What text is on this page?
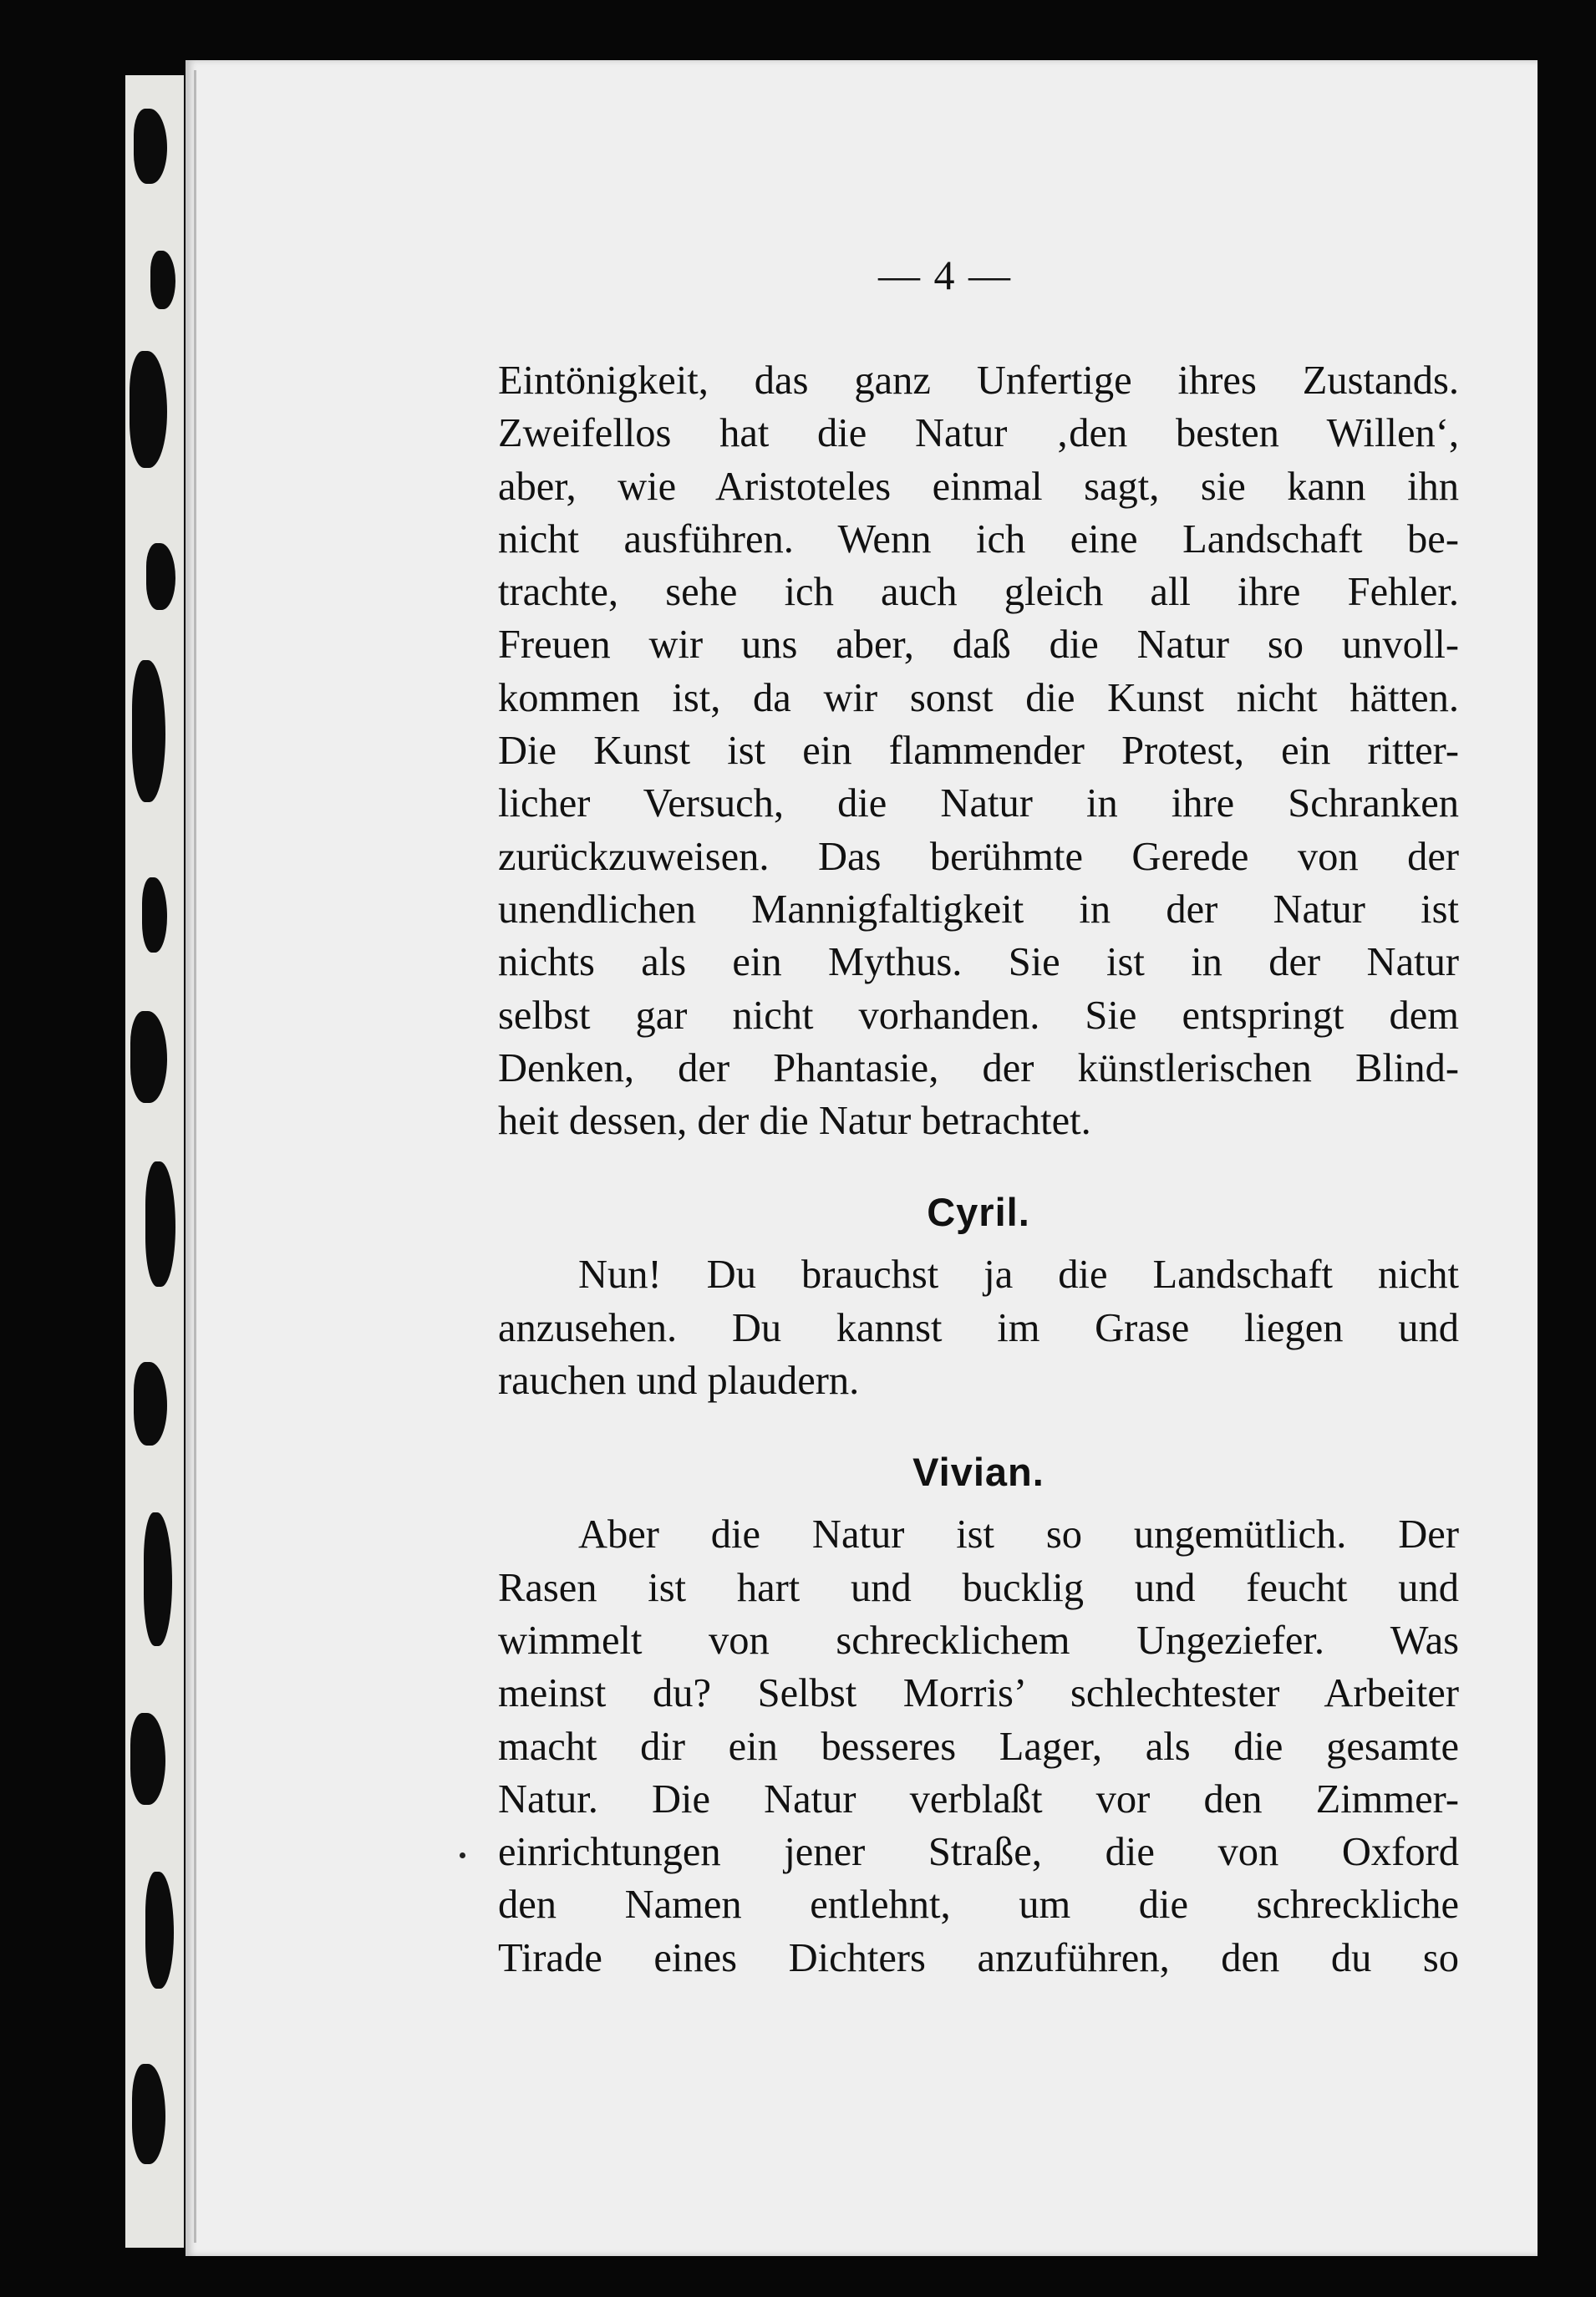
— 4 —
Eintönigkeit, das ganz Unfertige ihres Zustands.
Zweifellos hat die Natur ‚den besten Willen‘,
aber, wie Aristoteles einmal sagt, sie kann ihn
nicht ausführen. Wenn ich eine Landschaft be-
trachte, sehe ich auch gleich all ihre Fehler.
Freuen wir uns aber, daß die Natur so unvoll-
kommen ist, da wir sonst die Kunst nicht hätten.
Die Kunst ist ein flammender Protest, ein ritter-
licher Versuch, die Natur in ihre Schranken
zurückzuweisen. Das berühmte Gerede von der
unendlichen Mannigfaltigkeit in der Natur ist
nichts als ein Mythus. Sie ist in der Natur
selbst gar nicht vorhanden. Sie entspringt dem
Denken, der Phantasie, der künstlerischen Blind-
heit dessen, der die Natur betrachtet.
Cyril.
Nun! Du brauchst ja die Landschaft nicht
anzusehen. Du kannst im Grase liegen und
rauchen und plaudern.
Vivian.
Aber die Natur ist so ungemütlich. Der
Rasen ist hart und bucklig und feucht und
wimmelt von schrecklichem Ungeziefer. Was
meinst du? Selbst Morris’ schlechtester Arbeiter
macht dir ein besseres Lager, als die gesamte
Natur. Die Natur verblaßt vor den Zimmer-
einrichtungen jener Straße, die von Oxford
den Namen entlehnt, um die schreckliche
Tirade eines Dichters anzuführen, den du so
